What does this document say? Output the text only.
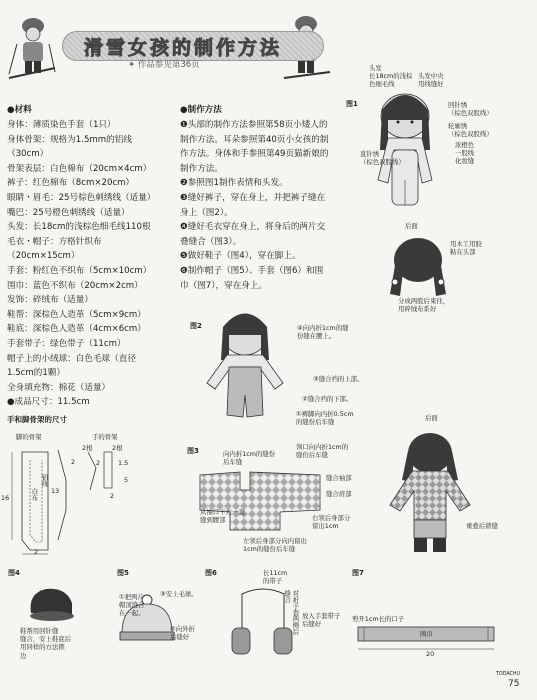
滑雪女孩的制作方法
✶ 作品参见第36页
●材料
身体：薄质染色手套（1只）
身体骨架：规格为1.5mm的铝线
（30cm）
骨架表层：白色棉布（20cm×4cm）
裤子：红色棉布（8cm×20cm）
眼睛・眉毛：25号棕色刺绣线（适量）
嘴巴：25号橙色刺绣线（适量）
头发：长18cm的浅棕色细毛线110根
毛衣・帽子：方格针织布
（20cm×15cm）
手套：粉红色不织布（5cm×10cm）
围巾：蓝色不织布（20cm×2cm）
发饰：碎绒布（适量）
鞋帮：深棕色人造革（5cm×9cm）
鞋底：深棕色人造革（4cm×6cm）
手套带子：绿色带子（11cm）
帽子上的小绒球：白色毛球（直径
1.5cm的1颗）
全身填充物：棉花（适量）
●成品尺寸：11.5cm
●制作方法
❶头部的制作方法参照第58页小矮人的
制作方法。耳朵参照第40页小女孩的制
作方法。身体和手参照第49页猫新娘的
制作方法。
❷参照图1制作表情和头发。
❸缝好裤子，穿在身上，并把裤子缝在
身上（图2）。
❹缝好毛衣穿在身上，将身后的两片交
叠缝合（图3）。
❺做好鞋子（图4），穿在脚上。
❻制作帽子（图5）、手套（图6）和围
巾（图7），穿在身上。
手和脚骨架的尺寸
脚的骨架	手的骨架
16
13
2
2
2根	2根
2	1.5
5
2
铝线
白布
图1
头发
长18cm的浅棕
色细毛线
头发中央
用线缝好
回针绣
（棕色双股线）
轮廓绣
（棕色双股线）
浓橙色
一股线
化妆缝
直针绣
（棕色双股线）
后面
用木工用胶
粘在头部
分成两股后束住，
用碎绒布系好
图2	④向内折1cm的缝
份缝在腰上。
③缝合裆的上部。
②缝合裆的下部。
①裤脚向内折0.5cm
的缝份后车缝
图3	向内折1cm的缝份
后车缝
领口向内折1cm的
缝份后车缝
缝合袖部
缝合肩部
从袖口下方一直
缝到腰部	右领后身部分
留出1cm
左领后身部分向内留出
1cm的缝份后车缝
后面
重叠后锁缝
图4
鞋帮用回针缝
缝合，安上鞋底后
用同样的方法锁
边
图5
①把两片
帽顶缝合
在一起。
②向外折
后缝好
③安上毛球。
图6	长11cm
的带子
对折手套两侧后
缝合
放入手套带子
后缝好
图7
剪开1cm长的口子
围巾
20
TODACHU
75
